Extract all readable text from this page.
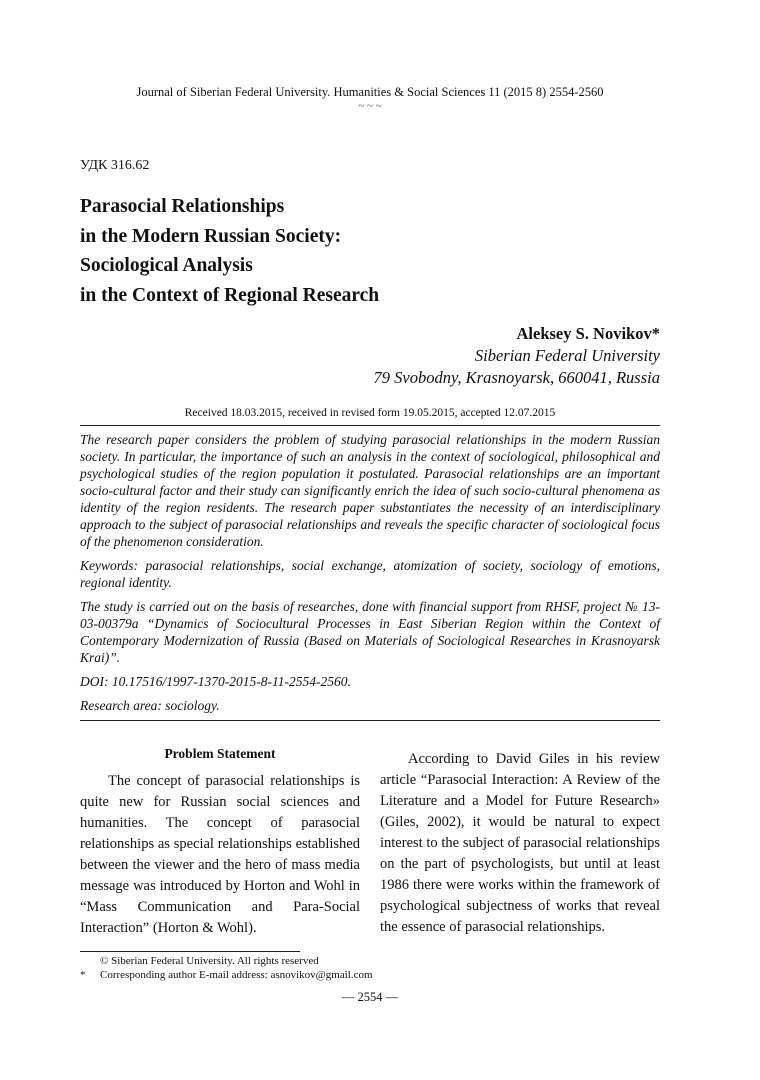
Journal of Siberian Federal University. Humanities & Social Sciences 11 (2015 8) 2554-2560
~ ~ ~
УДК 316.62
Parasocial Relationships
in the Modern Russian Society:
Sociological Analysis
in the Context of Regional Research
Aleksey S. Novikov*
Siberian Federal University
79 Svobodny, Krasnoyarsk, 660041, Russia
Received 18.03.2015, received in revised form 19.05.2015, accepted 12.07.2015

The research paper considers the problem of studying parasocial relationships in the modern Russian society. In particular, the importance of such an analysis in the context of sociological, philosophical and psychological studies of the region population it postulated. Parasocial relationships are an important socio-cultural factor and their study can significantly enrich the idea of such socio-cultural phenomena as identity of the region residents. The research paper substantiates the necessity of an interdisciplinary approach to the subject of parasocial relationships and reveals the specific character of sociological focus of the phenomenon consideration.

Keywords: parasocial relationships, social exchange, atomization of society, sociology of emotions, regional identity.

The study is carried out on the basis of researches, done with financial support from RHSF, project № 13-03-00379а “Dynamics of Sociocultural Processes in East Siberian Region within the Context of Contemporary Modernization of Russia (Based on Materials of Sociological Researches in Krasnoyarsk Krai)”.

DOI: 10.17516/1997-1370-2015-8-11-2554-2560.

Research area: sociology.

Problem Statement

The concept of parasocial relationships is quite new for Russian social sciences and humanities. The concept of parasocial relationships as special relationships established between the viewer and the hero of mass media message was introduced by Horton and Wohl in “Mass Communication and Para-Social Interaction” (Horton & Wohl).

According to David Giles in his review article “Parasocial Interaction: A Review of the Literature and a Model for Future Research» (Giles, 2002), it would be natural to expect interest to the subject of parasocial relationships on the part of psychologists, but until at least 1986 there were works within the framework of psychological subjectness of works that reveal the essence of parasocial relationships.

© Siberian Federal University. All rights reserved
*	Corresponding author E-mail address: asnovikov@gmail.com
— 2554 —
